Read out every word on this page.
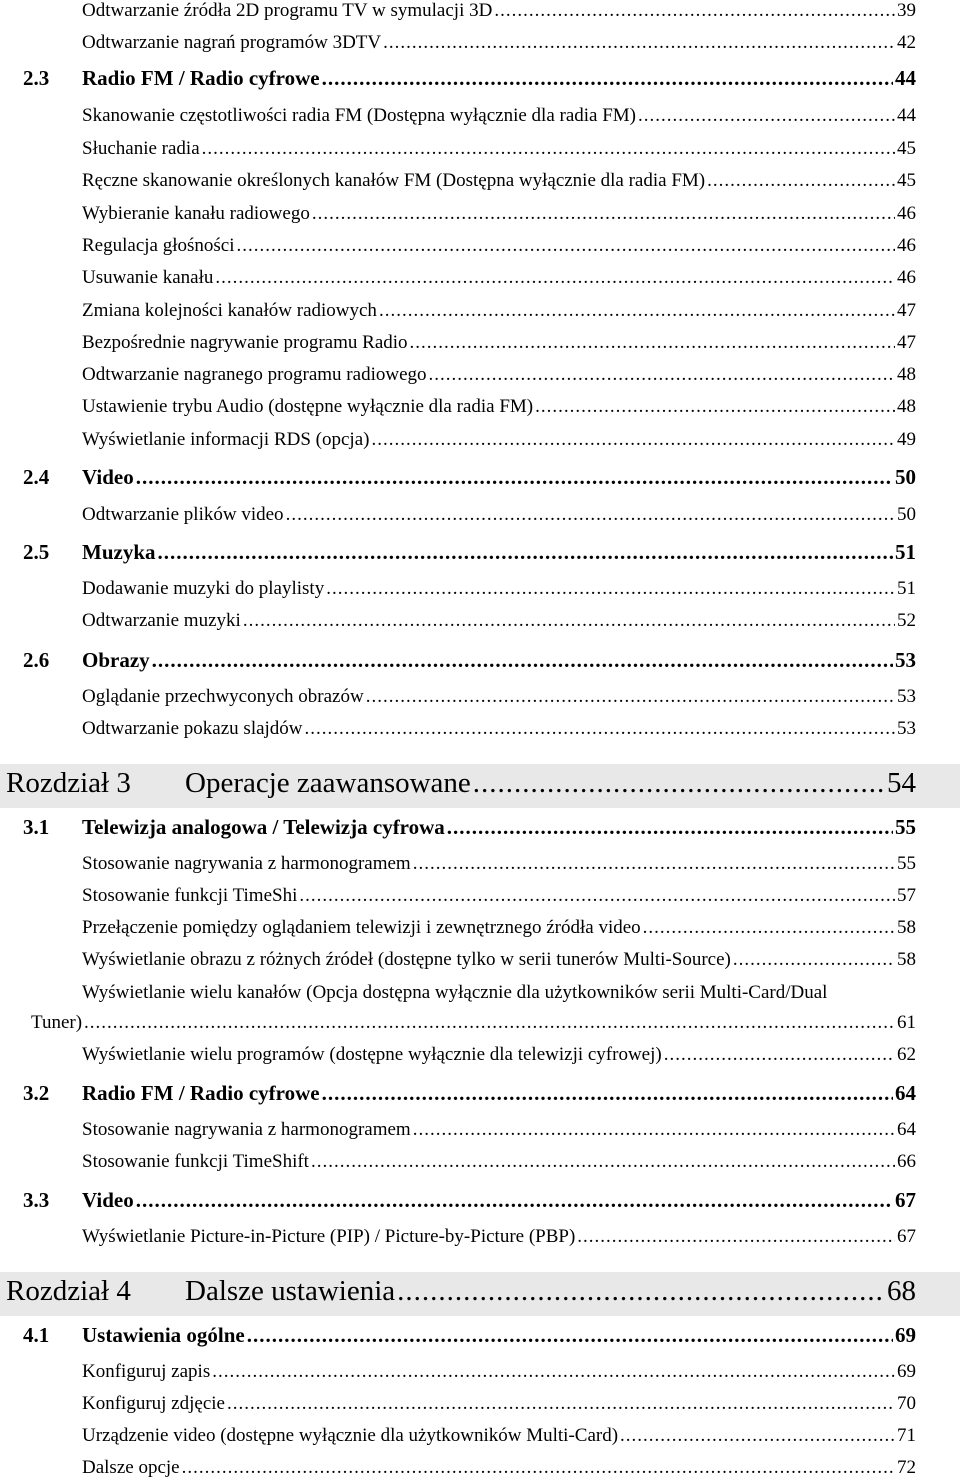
Odtwarzanie źródła 2D programu TV w symulacji 3D .....	39
Odtwarzanie nagrań programów 3DTV .....	42
2.3 Radio FM / Radio cyfrowe .....	44
Skanowanie częstotliwości radia FM (Dostępna wyłącznie dla radia FM) .....	44
Słuchanie radia .....	45
Ręczne skanowanie określonych kanałów FM (Dostępna wyłącznie dla radia FM) .....	45
Wybieranie kanału radiowego .....	46
Regulacja głośności .....	46
Usuwanie kanału .....	46
Zmiana kolejności kanałów radiowych .....	47
Bezpośrednie nagrywanie programu Radio .....	47
Odtwarzanie nagranego programu radiowego .....	48
Ustawienie trybu Audio (dostępne wyłącznie dla radia FM) .....	48
Wyświetlanie informacji RDS (opcja) .....	49
2.4 Video .....	50
Odtwarzanie plików video .....	50
2.5 Muzyka .....	51
Dodawanie muzyki do playlisty .....	51
Odtwarzanie muzyki .....	52
2.6 Obrazy .....	53
Oglądanie przechwyconych obrazów .....	53
Odtwarzanie pokazu slajdów .....	53
Rozdział 3 Operacje zaawansowane .....	54
3.1 Telewizja analogowa / Telewizja cyfrowa .....	55
Stosowanie nagrywania z harmonogramem .....	55
Stosowanie funkcji TimeShi .....	57
Przełączenie pomiędzy oglądaniem telewizji i zewnętrznego źródła video .....	58
Wyświetlanie obrazu z różnych źródeł (dostępne tylko w serii tunerów Multi-Source) .....	58
Wyświetlanie wielu kanałów (Opcja dostępna wyłącznie dla użytkowników serii Multi-Card/Dual
Tuner) .....	61
Wyświetlanie wielu programów (dostępne wyłącznie dla telewizji cyfrowej) .....	62
3.2 Radio FM / Radio cyfrowe .....	64
Stosowanie nagrywania z harmonogramem .....	64
Stosowanie funkcji TimeShift .....	66
3.3 Video .....	67
Wyświetlanie Picture-in-Picture (PIP) / Picture-by-Picture (PBP) .....	67
Rozdział 4 Dalsze ustawienia .....	68
4.1 Ustawienia ogólne .....	69
Konfiguruj zapis .....	69
Konfiguruj zdjęcie .....	70
Urządzenie video (dostępne wyłącznie dla użytkowników Multi-Card) .....	71
Dalsze opcje .....	72
